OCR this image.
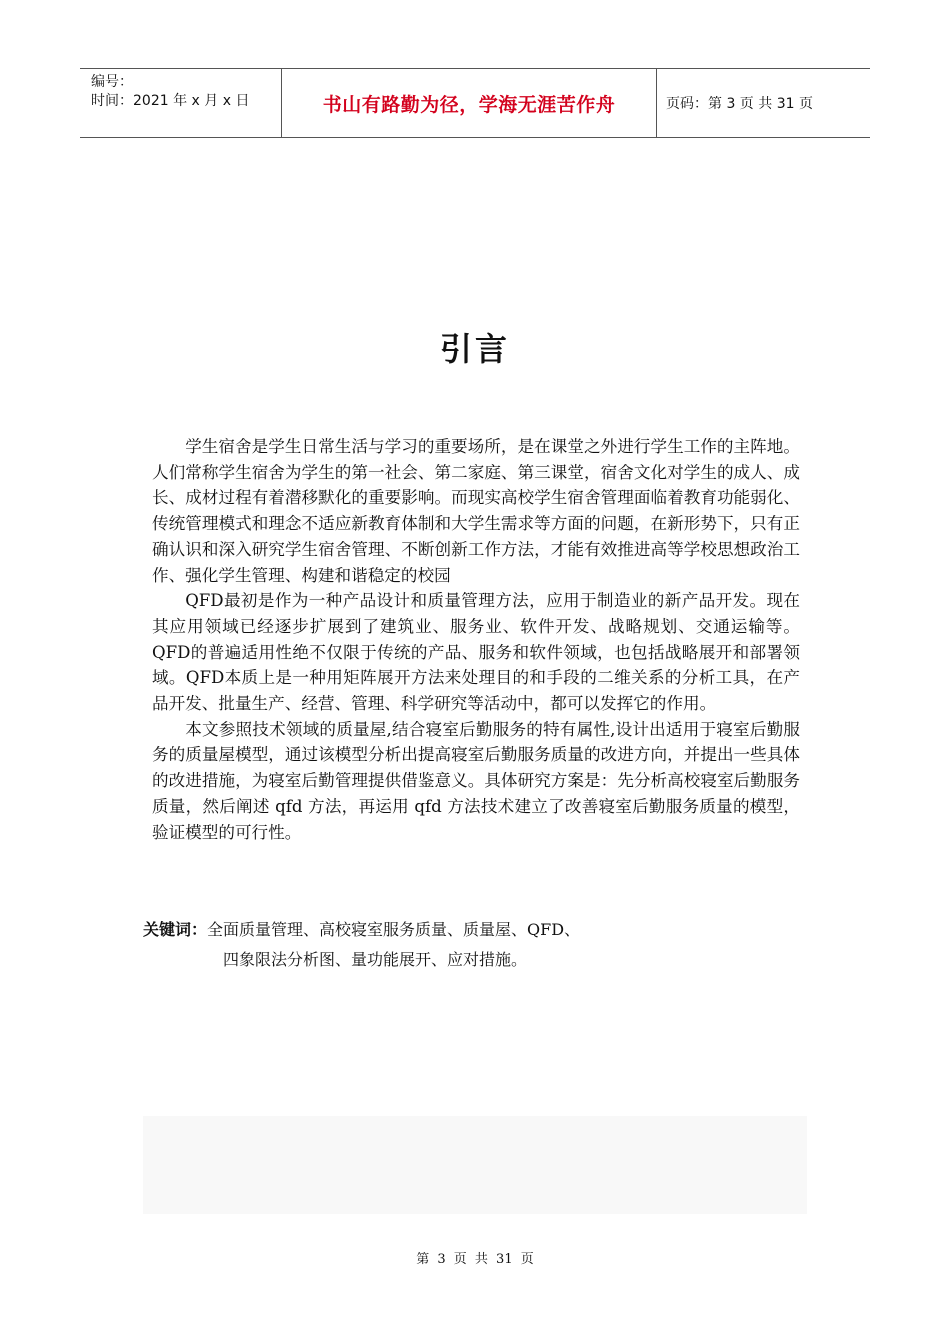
编号：
时间：2021 年 x 月 x 日	书山有路勤为径，学海无涯苦作舟	页码：第 3 页 共 31 页
引言

学生宿舍是学生日常生活与学习的重要场所，是在课堂之外进行学生工作的主阵地。人们常称学生宿舍为学生的第一社会、第二家庭、第三课堂，宿舍文化对学生的成人、成长、成材过程有着潜移默化的重要影响。而现实高校学生宿舍管理面临着教育功能弱化、传统管理模式和理念不适应新教育体制和大学生需求等方面的问题，在新形势下，只有正确认识和深入研究学生宿舍管理、不断创新工作方法，才能有效推进高等学校思想政治工作、强化学生管理、构建和谐稳定的校园

QFD最初是作为一种产品设计和质量管理方法，应用于制造业的新产品开发。现在其应用领域已经逐步扩展到了建筑业、服务业、软件开发、战略规划、交通运输等。QFD的普遍适用性绝不仅限于传统的产品、服务和软件领域，也包括战略展开和部署领域。QFD本质上是一种用矩阵展开方法来处理目的和手段的二维关系的分析工具，在产品开发、批量生产、经营、管理、科学研究等活动中，都可以发挥它的作用。

本文参照技术领域的质量屋,结合寝室后勤服务的特有属性,设计出适用于寝室后勤服务的质量屋模型，通过该模型分析出提高寝室后勤服务质量的改进方向，并提出一些具体的改进措施，为寝室后勤管理提供借鉴意义。具体研究方案是：先分析高校寝室后勤服务质量，然后阐述 qfd 方法，再运用 qfd 方法技术建立了改善寝室后勤服务质量的模型，验证模型的可行性。

关键词：全面质量管理、高校寝室服务质量、质量屋、QFD、
四象限法分析图、量功能展开、应对措施。
第 3 页 共 31 页
